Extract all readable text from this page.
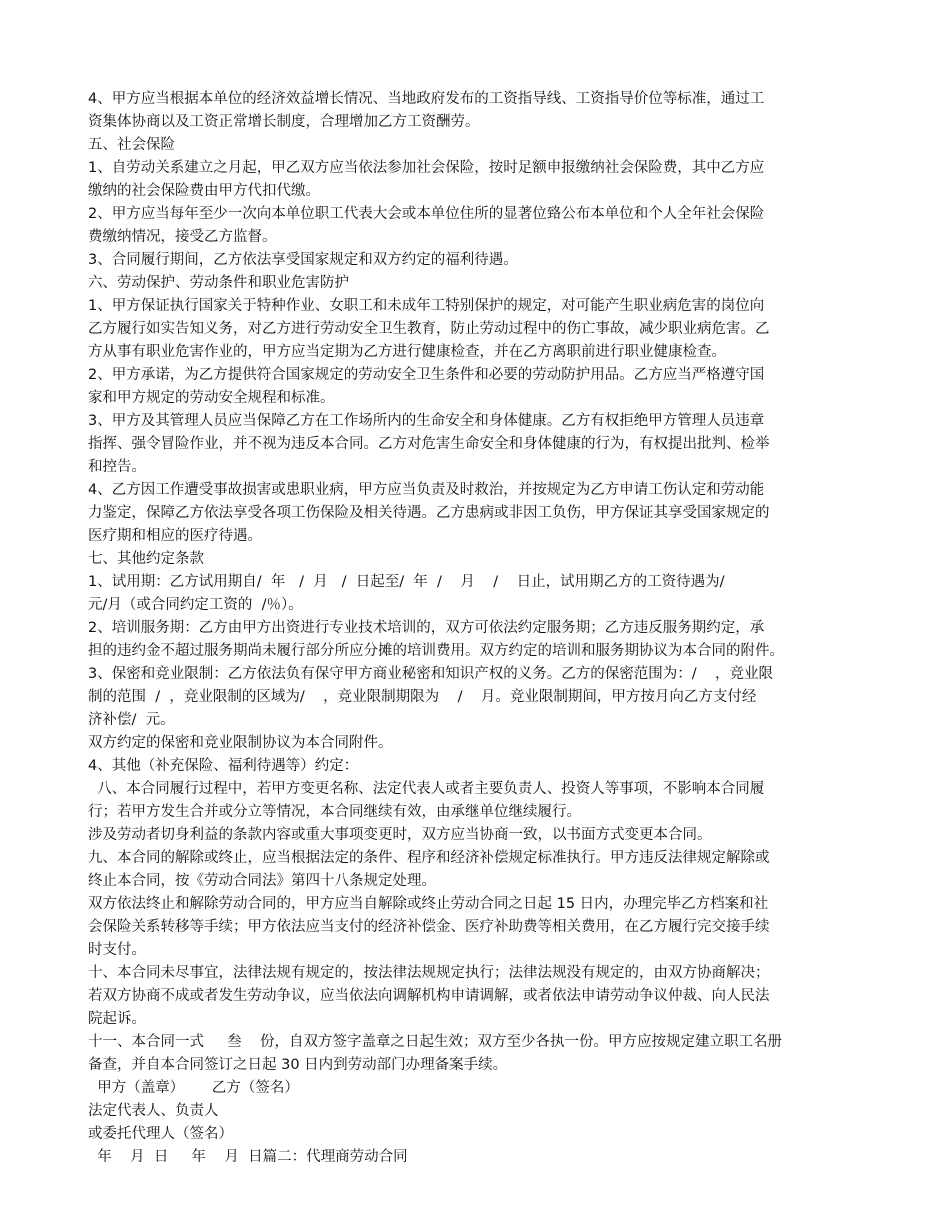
4、甲方应当根据本单位的经济效益增长情况、当地政府发布的工资指导线、工资指导价位等标准，通过工
资集体协商以及工资正常增长制度，合理增加乙方工资酬劳。
五、社会保险
1、自劳动关系建立之月起，甲乙双方应当依法参加社会保险，按时足额申报缴纳社会保险费，其中乙方应
缴纳的社会保险费由甲方代扣代缴。
2、甲方应当每年至少一次向本单位职工代表大会或本单位住所的显著位臵公布本单位和个人全年社会保险
费缴纳情况，接受乙方监督。
3、合同履行期间，乙方依法享受国家规定和双方约定的福利待遇。
六、劳动保护、劳动条件和职业危害防护
1、甲方保证执行国家关于特种作业、女职工和未成年工特别保护的规定，对可能产生职业病危害的岗位向
乙方履行如实告知义务，对乙方进行劳动安全卫生教育，防止劳动过程中的伤亡事故，减少职业病危害。乙
方从事有职业危害作业的，甲方应当定期为乙方进行健康检查，并在乙方离职前进行职业健康检查。
2、甲方承诺，为乙方提供符合国家规定的劳动安全卫生条件和必要的劳动防护用品。乙方应当严格遵守国
家和甲方规定的劳动安全规程和标准。
3、甲方及其管理人员应当保障乙方在工作场所内的生命安全和身体健康。乙方有权拒绝甲方管理人员违章
指挥、强令冒险作业，并不视为违反本合同。乙方对危害生命安全和身体健康的行为，有权提出批判、检举
和控告。
4、乙方因工作遭受事故损害或患职业病，甲方应当负责及时救治，并按规定为乙方申请工伤认定和劳动能
力鉴定，保障乙方依法享受各项工伤保险及相关待遇。乙方患病或非因工负伤，甲方保证其享受国家规定的
医疗期和相应的医疗待遇。
七、其他约定条款
1、试用期：乙方试用期自/  年   /  月   /  日起至/  年  /    月    /    日止，试用期乙方的工资待遇为/
元/月（或合同约定工资的  /％）。
2、培训服务期：乙方由甲方出资进行专业技术培训的，双方可依法约定服务期；乙方违反服务期约定，承
担的违约金不超过服务期尚未履行部分所应分摊的培训费用。双方约定的培训和服务期协议为本合同的附件。
3、保密和竞业限制：乙方依法负有保守甲方商业秘密和知识产权的义务。乙方的保密范围为：/    ，竞业限
制的范围  /  ，竞业限制的区域为/    ，竞业限制期限为    /    月。竞业限制期间，甲方按月向乙方支付经
济补偿/  元。
双方约定的保密和竞业限制协议为本合同附件。
4、其他（补充保险、福利待遇等）约定：
八、本合同履行过程中，若甲方变更名称、法定代表人或者主要负责人、投资人等事项，不影响本合同履
行；若甲方发生合并或分立等情况，本合同继续有效，由承继单位继续履行。
涉及劳动者切身利益的条款内容或重大事项变更时，双方应当协商一致，以书面方式变更本合同。
九、本合同的解除或终止，应当根据法定的条件、程序和经济补偿规定标准执行。甲方违反法律规定解除或
终止本合同，按《劳动合同法》第四十八条规定处理。
双方依法终止和解除劳动合同的，甲方应当自解除或终止劳动合同之日起 15 日内，办理完毕乙方档案和社
会保险关系转移等手续；甲方依法应当支付的经济补偿金、医疗补助费等相关费用，在乙方履行完交接手续
时支付。
十、本合同未尽事宜，法律法规有规定的，按法律法规规定执行；法律法规没有规定的，由双方协商解决；
若双方协商不成或者发生劳动争议，应当依法向调解机构申请调解，或者依法申请劳动争议仲裁、向人民法
院起诉。
十一、本合同一式     叁    份，自双方签字盖章之日起生效；双方至少各执一份。甲方应按规定建立职工名册
备查，并自本合同签订之日起 30 日内到劳动部门办理备案手续。
甲方（盖章）      乙方（签名）
法定代表人、负责人
或委托代理人（签名）
年    月  日     年    月  日篇二：代理商劳动合同
